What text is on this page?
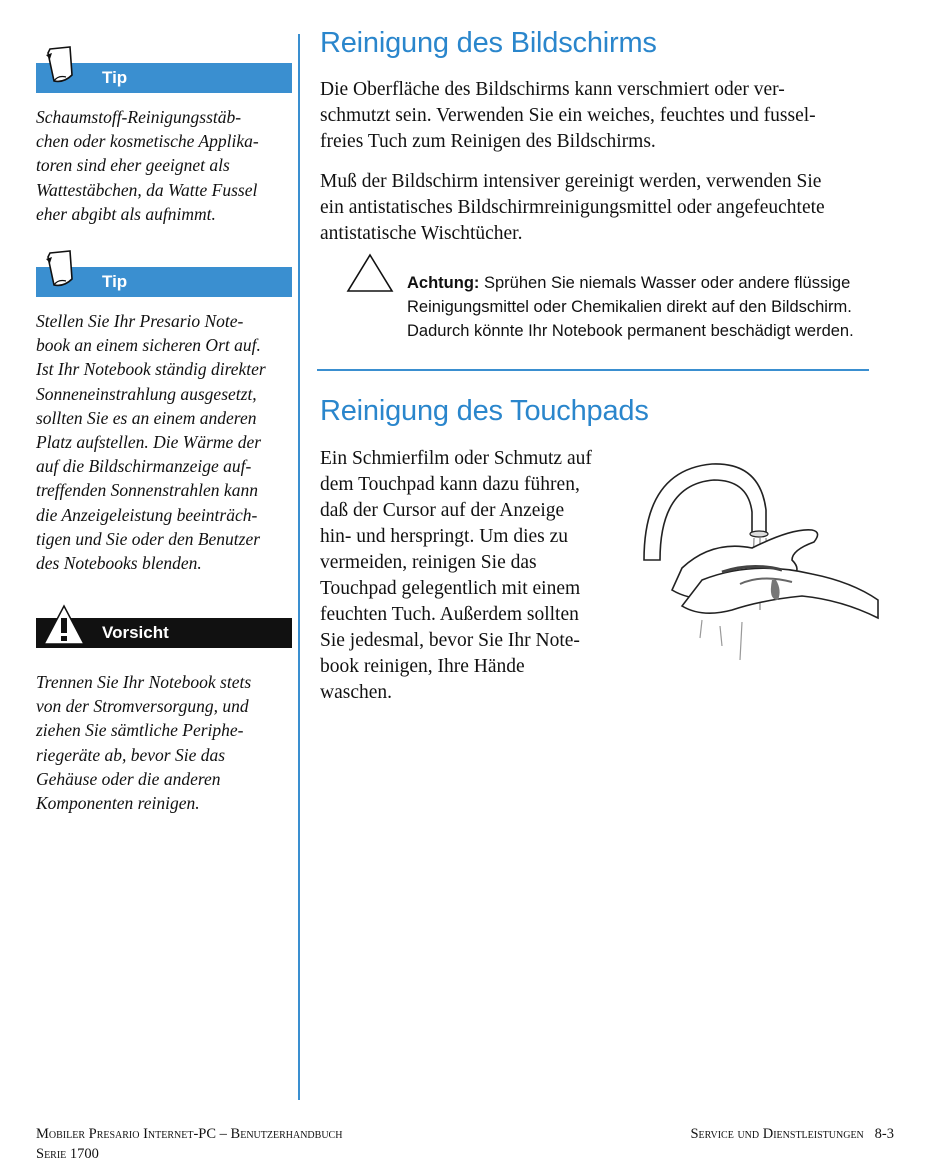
Tip

Schaumstoff-Reinigungsstäb-
chen oder kosmetische Applika-
toren sind eher geeignet als
Wattestäbchen, da Watte Fussel
eher abgibt als aufnimmt.

Tip

Stellen Sie Ihr Presario Note-
book an einem sicheren Ort auf.
Ist Ihr Notebook ständig direkter
Sonneneinstrahlung ausgesetzt,
sollten Sie es an einem anderen
Platz aufstellen. Die Wärme der
auf die Bildschirmanzeige auf-
treffenden Sonnenstrahlen kann
die Anzeigeleistung beeinträch-
tigen und Sie oder den Benutzer
des Notebooks blenden.

Vorsicht

Trennen Sie Ihr Notebook stets
von der Stromversorgung, und
ziehen Sie sämtliche Periphe-
riegeräte ab, bevor Sie das
Gehäuse oder die anderen
Komponenten reinigen.

Reinigung des Bildschirms

Die Oberfläche des Bildschirms kann verschmiert oder ver-
schmutzt sein. Verwenden Sie ein weiches, feuchtes und fussel-
freies Tuch zum Reinigen des Bildschirms.

Muß der Bildschirm intensiver gereinigt werden, verwenden Sie
ein antistatisches Bildschirmreinigungsmittel oder angefeuchtete
antistatische Wischtücher.

Achtung: Sprühen Sie niemals Wasser oder andere flüssige
Reinigungsmittel oder Chemikalien direkt auf den Bildschirm.
Dadurch könnte Ihr Notebook permanent beschädigt werden.

Reinigung des Touchpads

Ein Schmierfilm oder Schmutz auf
dem Touchpad kann dazu führen,
daß der Cursor auf der Anzeige
hin- und herspringt. Um dies zu
vermeiden, reinigen Sie das
Touchpad gelegentlich mit einem
feuchten Tuch. Außerdem sollten
Sie jedesmal, bevor Sie Ihr Note-
book reinigen, Ihre Hände
waschen.

Mobiler Presario Internet-PC – Benutzerhandbuch
Serie 1700

Service und Dienstleistungen 8-3
